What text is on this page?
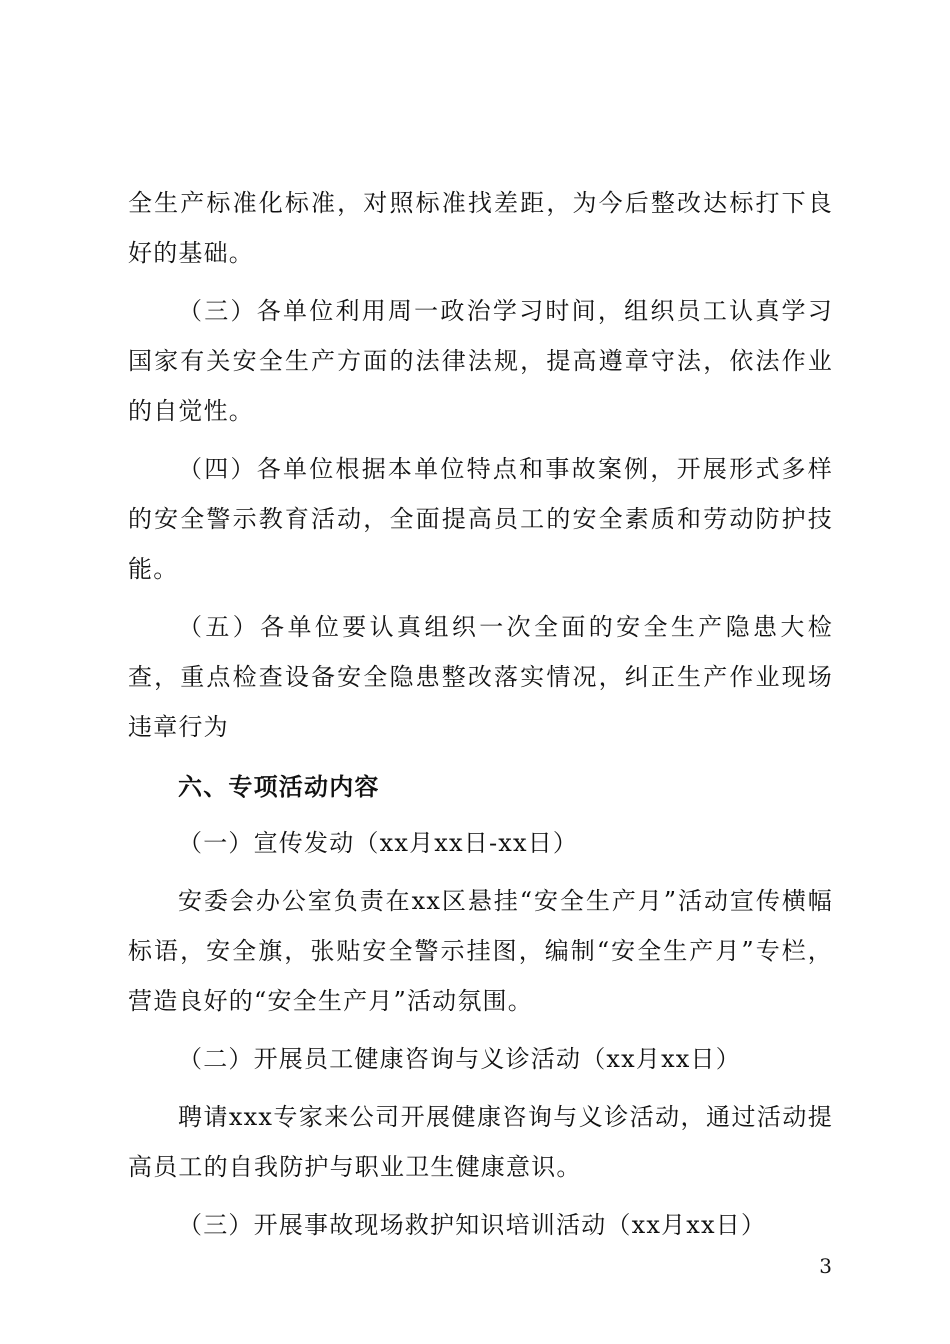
全生产标准化标准，对照标准找差距，为今后整改达标打下良好的基础。

（三）各单位利用周一政治学习时间，组织员工认真学习国家有关安全生产方面的法律法规，提高遵章守法，依法作业的自觉性。

（四）各单位根据本单位特点和事故案例，开展形式多样的安全警示教育活动，全面提高员工的安全素质和劳动防护技能。

（五）各单位要认真组织一次全面的安全生产隐患大检查，重点检查设备安全隐患整改落实情况，纠正生产作业现场违章行为

六、专项活动内容

（一）宣传发动（xx月xx日-xx日）

安委会办公室负责在xx区悬挂“安全生产月”活动宣传横幅标语，安全旗，张贴安全警示挂图，编制“安全生产月”专栏，营造良好的“安全生产月”活动氛围。

（二）开展员工健康咨询与义诊活动（xx月xx日）

聘请xxx专家来公司开展健康咨询与义诊活动，通过活动提高员工的自我防护与职业卫生健康意识。

（三）开展事故现场救护知识培训活动（xx月xx日）

3
